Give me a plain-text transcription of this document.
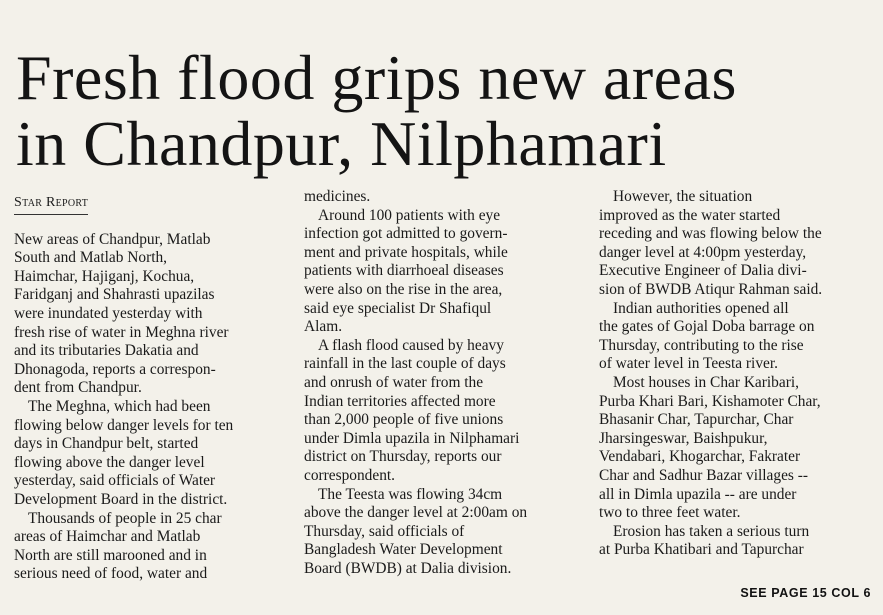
Fresh flood grips new areas
in Chandpur, Nilphamari
Star Report
New areas of Chandpur, Matlab
South and Matlab North,
Haimchar, Hajiganj, Kochua,
Faridganj and Shahrasti upazilas
were inundated yesterday with
fresh rise of water in Meghna river
and its tributaries Dakatia and
Dhonagoda, reports a correspon-
dent from Chandpur.
The Meghna, which had been
flowing below danger levels for ten
days in Chandpur belt, started
flowing above the danger level
yesterday, said officials of Water
Development Board in the district.
Thousands of people in 25 char
areas of Haimchar and Matlab
North are still marooned and in
serious need of food, water and
medicines.
Around 100 patients with eye
infection got admitted to govern-
ment and private hospitals, while
patients with diarrhoeal diseases
were also on the rise in the area,
said eye specialist Dr Shafiqul
Alam.
A flash flood caused by heavy
rainfall in the last couple of days
and onrush of water from the
Indian territories affected more
than 2,000 people of five unions
under Dimla upazila in Nilphamari
district on Thursday, reports our
correspondent.
The Teesta was flowing 34cm
above the danger level at 2:00am on
Thursday, said officials of
Bangladesh Water Development
Board (BWDB) at Dalia division.
However, the situation
improved as the water started
receding and was flowing below the
danger level at 4:00pm yesterday,
Executive Engineer of Dalia divi-
sion of BWDB Atiqur Rahman said.
Indian authorities opened all
the gates of Gojal Doba barrage on
Thursday, contributing to the rise
of water level in Teesta river.
Most houses in Char Karibari,
Purba Khari Bari, Kishamoter Char,
Bhasanir Char, Tapurchar, Char
Jharsingeswar, Baishpukur,
Vendabari, Khogarchar, Fakrater
Char and Sadhur Bazar villages --
all in Dimla upazila -- are under
two to three feet water.
Erosion has taken a serious turn
at Purba Khatibari and Tapurchar
SEE PAGE 15 COL 6
